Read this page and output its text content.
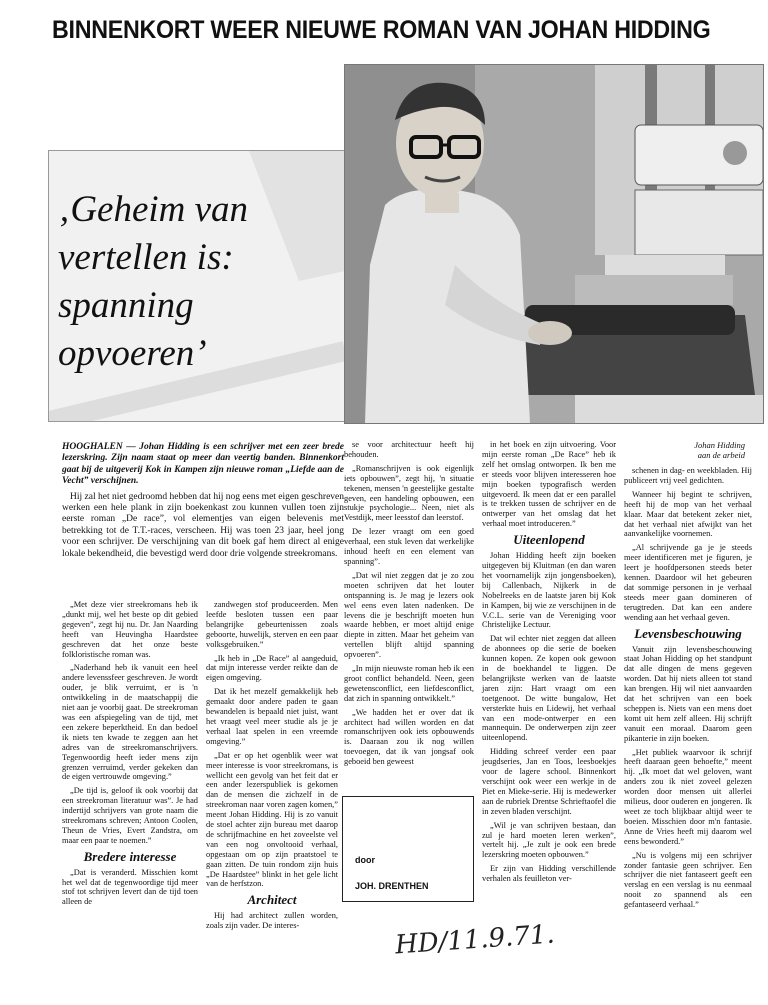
BINNENKORT WEER NIEUWE ROMAN VAN JOHAN HIDDING
‚Geheim van vertellen is: spanning opvoeren’
Johan Hidding
aan de arbeid

HOOGHALEN — Johan Hidding is een schrijver met een zeer brede lezerskring. Zijn naam staat op meer dan veertig banden. Binnenkort gaat bij de uitgeverij Kok in Kampen zijn nieuwe roman „Liefde aan de Vecht” verschijnen.

Hij zal het niet gedroomd hebben dat hij nog eens met eigen geschreven werken een hele plank in zijn boekenkast zou kunnen vullen toen zijn eerste roman „De race”, vol elementjes van eigen belevenis met betrekking tot de T.T.-races, verscheen. Hij was toen 23 jaar, heel jong voor een schrijver. De verschijning van dit boek gaf hem direct al enige lokale bekendheid, die bevestigd werd door drie volgende streekromans.

„Met deze vier streekromans heb ik „dunkt mij, wel het beste op dit gebied gegeven”, zegt hij nu. Dr. Jan Naarding heeft van Heuvingha Haardstee geschreven dat het onze beste folkloristische roman was.

„Naderhand heb ik vanuit een heel andere levenssfeer geschreven. Je wordt ouder, je blik verruimt, er is 'n ontwikkeling in de maatschappij die niet aan je voorbij gaat. De streekroman was een afspiegeling van de tijd, met een zekere beperktheid. En dan bedoel ik niets ten kwade te zeggen aan het adres van de streekromanschrijvers. Tegenwoordig heeft ieder mens zijn grenzen verruimd, verder gekeken dan de eigen vertrouwde omgeving.”

„De tijd is, geloof ik ook voorbij dat een streekroman literatuur was”. Je had indertijd schrijvers van grote naam die streekromans schreven; Antoon Coolen, Theun de Vries, Evert Zandstra, om maar een paar te noemen.”

Bredere interesse

„Dat is veranderd. Misschien komt het wel dat de tegenwoordige tijd meer stof tot schrijven levert dan de tijd toen alleen de

zandwegen stof produceerden. Men leefde besloten tussen een paar belangrijke gebeurtenissen zoals geboorte, huwelijk, sterven en een paar volksgebruiken.”

„Ik heb in „De Race” al aangeduid, dat mijn interesse verder reikte dan de eigen omgeving.

Dat ik het mezelf gemakkelijk heb gemaakt door andere paden te gaan bewandelen is bepaald niet juist, want het vraagt veel meer studie als je je verhaal laat spelen in een vreemde omgeving.”

„Dat er op het ogenblik weer wat meer interesse is voor streekromans, is wellicht een gevolg van het feit dat er een ander lezerspubliek is gekomen dan de mensen die zichzelf in de streekroman naar voren zagen komen,” meent Johan Hidding. Hij is zo vanuit de stoel achter zijn bureau met daarop de schrijfmachine en het zoveelste vel van een nog onvoltooid verhaal, opgestaan om op zijn praatstoel te gaan zitten. De tuin rondom zijn huis „De Haardstee” blinkt in het gele licht van de herfstzon.

Architect

Hij had architect zullen worden, zoals zijn vader. De interes-

se voor architectuur heeft hij behouden.

„Romanschrijven is ook eigenlijk iets opbouwen”, zegt hij, 'n situatie tekenen, mensen 'n geestelijke gestalte geven, een handeling opbouwen, een stukje psychologie... Neen, niet als Vestdijk, meer leesstof dan leerstof.

De lezer vraagt om een goed verhaal, een stuk leven dat werkelijke inhoud heeft en een element van spanning”.

„Dat wil niet zeggen dat je zo zou moeten schrijven dat het louter ontspanning is. Je mag je lezers ook wel eens even laten nadenken. De levens die je beschrijft moeten hun waarde hebben, er moet altijd enige diepte in zitten. Maar het geheim van vertellen blijft altijd spanning opvoeren”.

„In mijn nieuwste roman heb ik een groot conflict behandeld. Neen, geen gewetensconflict, een liefdesconflict, dat zich in spanning ontwikkelt.”

„We hadden het er over dat ik architect had willen worden en dat romanschrijven ook iets opbouwends is. Daaraan zou ik nog willen toevoegen, dat ik van jongsaf ook geboeid ben geweest

door
JOH. DRENTHEN

in het boek en zijn uitvoering. Voor mijn eerste roman „De Race” heb ik zelf het omslag ontworpen. Ik ben me er steeds voor blijven interesseren hoe mijn boeken typografisch werden uitgevoerd. Ik meen dat er een parallel is te trekken tussen de schrijver en de ontwerper van het omslag dat het verhaal moet introduceren.”

Uiteenlopend

Johan Hidding heeft zijn boeken uitgegeven bij Kluitman (en dan waren het voornamelijk zijn jongensboeken), bij Callenbach, Nijkerk in de Nobelreeks en de laatste jaren bij Kok in Kampen, bij wie ze verschijnen in de V.C.L. serie van de Vereniging voor Christelijke Lectuur.

Dat wil echter niet zeggen dat alleen de abonnees op die serie de boeken kunnen kopen. Ze kopen ook gewoon in de boekhandel te liggen. De belangrijkste werken van de laatste jaren zijn: Hart vraagt om een toetgenoot. De witte bungalow, Het versterkte huis en Lidewij, het verhaal van een mode-ontwerper en een mannequin. De onderwerpen zijn zeer uiteenlopend.

Hidding schreef verder een paar jeugdseries, Jan en Toos, leesboekjes voor de lagere school. Binnenkort verschijnt ook weer een werkje in de Piet en Mieke-serie. Hij is medewerker aan de rubriek Drentse Schrieftaofel die in zeven bladen verschijnt.

„Wil je van schrijven bestaan, dan zul je hard moeten leren werken”, vertelt hij. „Je zult je ook een brede lezerskring moeten opbouwen.”

Er zijn van Hidding verschillende verhalen als feuilleton ver-

schenen in dag- en weekbladen. Hij publiceert vrij veel gedichten.

Wanneer hij begint te schrijven, heeft hij de mop van het verhaal klaar. Maar dat betekent zeker niet, dat het verhaal niet afwijkt van het aanvankelijke voornemen.

„Al schrijvende ga je je steeds meer identificeren met je figuren, je leert je hoofdpersonen steeds beter kennen. Daardoor wil het gebeuren dat sommige personen in je verhaal steeds meer gaan domineren of terugtreden. Dat kan een andere wending aan het verhaal geven.

Levensbeschouwing

Vanuit zijn levensbeschouwing staat Johan Hidding op het standpunt dat alle dingen de mens gegeven worden. Dat hij niets alleen tot stand kan brengen. Hij wil niet aanvaarden dat het schrijven van een boek scheppen is. Niets van een mens doet komt uit hem zelf alleen. Hij schrijft vanuit een moraal. Daarom geen pikanterie in zijn boeken.

„Het publiek waarvoor ik schrijf heeft daaraan geen behoefte,” meent hij. „Ik moet dat wel geloven, want anders zou ik niet zoveel gelezen worden door mensen uit allerlei milieus, door ouderen en jongeren. Ik weet ze toch blijkbaar altijd weer te boeien. Misschien door m'n fantasie. Anne de Vries heeft mij daarom wel eens bewonderd.”

„Nu is volgens mij een schrijver zonder fantasie geen schrijver. Een schrijver die niet fantaseert geeft een verslag en een verslag is nu eenmaal nooit zo spannend als een gefantaseerd verhaal.”

HD/11.9.71.
